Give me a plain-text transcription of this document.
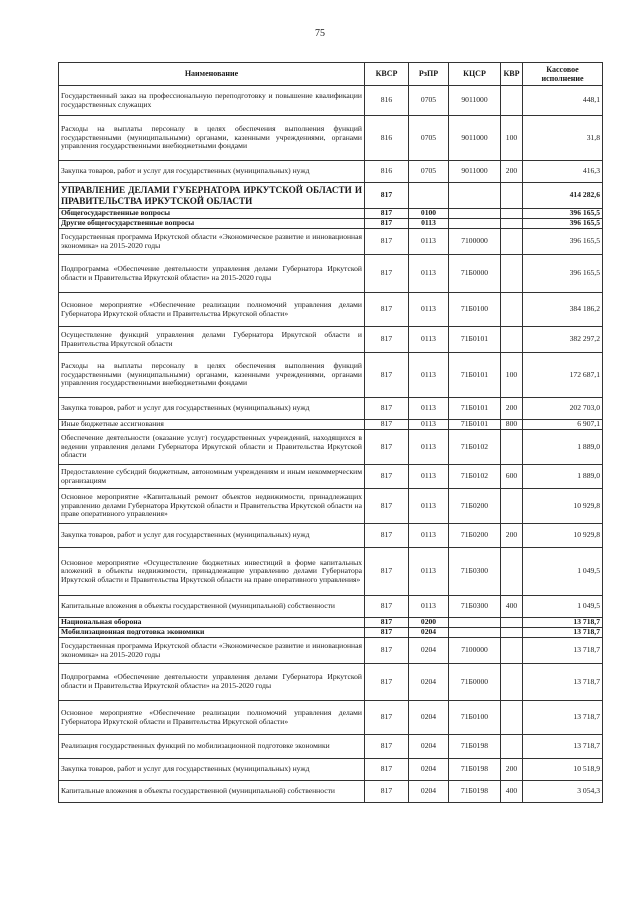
75
Наименование	КВСР	РзПР	КЦСР	КВР	Кассовое исполнение
Государственный заказ на профессиональную переподготовку и повышение квалификации государственных служащих	816	0705	9011000		448,1
Расходы на выплаты персоналу в целях обеспечения выполнения функций государственными (муниципальными) органами, казенными учреждениями, органами управления государственными внебюджетными фондами	816	0705	9011000	100	31,8
Закупка товаров, работ и услуг для государственных (муниципальных) нужд	816	0705	9011000	200	416,3
УПРАВЛЕНИЕ ДЕЛАМИ ГУБЕРНАТОРА ИРКУТСКОЙ ОБЛАСТИ И ПРАВИТЕЛЬСТВА ИРКУТСКОЙ ОБЛАСТИ	817				414 282,6
Общегосударственные вопросы	817	0100			396 165,5
Другие общегосударственные вопросы	817	0113			396 165,5
Государственная программа Иркутской области «Экономическое развитие и инновационная экономика» на 2015-2020 годы	817	0113	7100000		396 165,5
Подпрограмма «Обеспечение деятельности управления делами Губернатора Иркутской области и Правительства Иркутской области» на 2015-2020 годы	817	0113	71Б0000		396 165,5
Основное мероприятие «Обеспечение реализации полномочий управления делами Губернатора Иркутской области и Правительства Иркутской области»	817	0113	71Б0100		384 186,2
Осуществление функций управления делами Губернатора Иркутской области и Правительства Иркутской области	817	0113	71Б0101		382 297,2
Расходы на выплаты персоналу в целях обеспечения выполнения функций государственными (муниципальными) органами, казенными учреждениями, органами управления государственными внебюджетными фондами	817	0113	71Б0101	100	172 687,1
Закупка товаров, работ и услуг для государственных (муниципальных) нужд	817	0113	71Б0101	200	202 703,0
Иные бюджетные ассигнования	817	0113	71Б0101	800	6 907,1
Обеспечение деятельности (оказание услуг) государственных учреждений, находящихся в ведении управления делами Губернатора Иркутской области и Правительства Иркутской области	817	0113	71Б0102		1 889,0
Предоставление субсидий бюджетным, автономным учреждениям и иным некоммерческим организациям	817	0113	71Б0102	600	1 889,0
Основное мероприятие «Капитальный ремонт объектов недвижимости, принадлежащих управлению делами Губернатора Иркутской области и Правительства Иркутской области на праве оперативного управления»	817	0113	71Б0200		10 929,8
Закупка товаров, работ и услуг для государственных (муниципальных) нужд	817	0113	71Б0200	200	10 929,8
Основное мероприятие «Осуществление бюджетных инвестиций в форме капитальных вложений в объекты недвижимости, принадлежащие управлению делами Губернатора Иркутской области и Правительства Иркутской области на праве оперативного управления»	817	0113	71Б0300		1 049,5
Капитальные вложения в объекты государственной (муниципальной) собственности	817	0113	71Б0300	400	1 049,5
Национальная оборона	817	0200			13 718,7
Мобилизационная подготовка экономики	817	0204			13 718,7
Государственная программа Иркутской области «Экономическое развитие и инновационная экономика» на 2015-2020 годы	817	0204	7100000		13 718,7
Подпрограмма «Обеспечение деятельности управления делами Губернатора Иркутской области и Правительства Иркутской области» на 2015-2020 годы	817	0204	71Б0000		13 718,7
Основное мероприятие «Обеспечение реализации полномочий управления делами Губернатора Иркутской области и Правительства Иркутской области»	817	0204	71Б0100		13 718,7
Реализация государственных функций по мобилизационной подготовке экономики	817	0204	71Б0198		13 718,7
Закупка товаров, работ и услуг для государственных (муниципальных) нужд	817	0204	71Б0198	200	10 518,9
Капитальные вложения в объекты государственной (муниципальной) собственности	817	0204	71Б0198	400	3 054,3
